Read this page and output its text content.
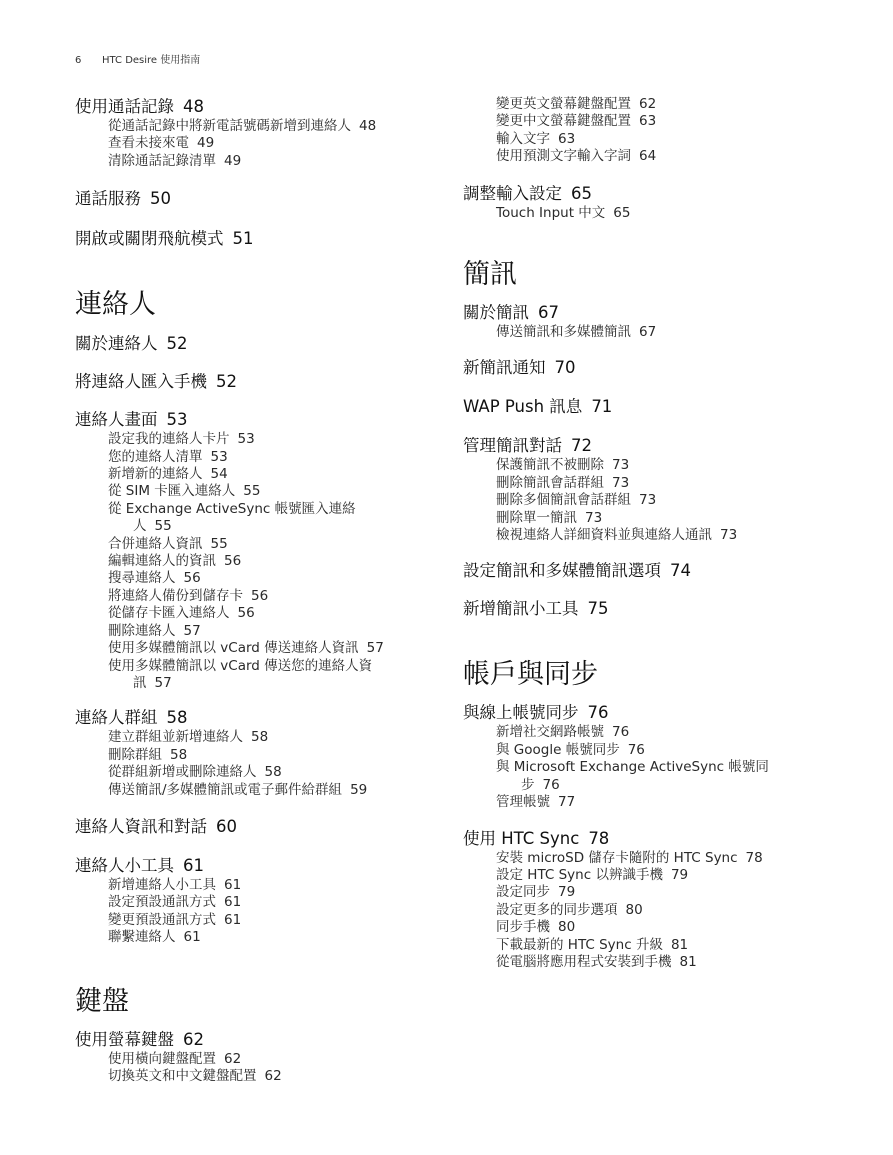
6 HTC Desire 使用指南
使用通話記錄 48
從通話記錄中將新電話號碼新增到連絡人 48
查看未接來電 49
清除通話記錄清單 49
通話服務 50
開啟或關閉飛航模式 51
連絡人
關於連絡人 52
將連絡人匯入手機 52
連絡人畫面 53
設定我的連絡人卡片 53
您的連絡人清單 53
新增新的連絡人 54
從 SIM 卡匯入連絡人 55
從 Exchange ActiveSync 帳號匯入連絡
人 55
合併連絡人資訊 55
編輯連絡人的資訊 56
搜尋連絡人 56
將連絡人備份到儲存卡 56
從儲存卡匯入連絡人 56
刪除連絡人 57
使用多媒體簡訊以 vCard 傳送連絡人資訊 57
使用多媒體簡訊以 vCard 傳送您的連絡人資
訊 57
連絡人群組 58
建立群組並新增連絡人 58
刪除群組 58
從群組新增或刪除連絡人 58
傳送簡訊/多媒體簡訊或電子郵件給群組 59
連絡人資訊和對話 60
連絡人小工具 61
新增連絡人小工具 61
設定預設通訊方式 61
變更預設通訊方式 61
聯繫連絡人 61
鍵盤
使用螢幕鍵盤 62
使用橫向鍵盤配置 62
切換英文和中文鍵盤配置 62
變更英文螢幕鍵盤配置 62
變更中文螢幕鍵盤配置 63
輸入文字 63
使用預測文字輸入字詞 64
調整輸入設定 65
Touch Input 中文 65
簡訊
關於簡訊 67
傳送簡訊和多媒體簡訊 67
新簡訊通知 70
WAP Push 訊息 71
管理簡訊對話 72
保護簡訊不被刪除 73
刪除簡訊會話群組 73
刪除多個簡訊會話群組 73
刪除單一簡訊 73
檢視連絡人詳細資料並與連絡人通訊 73
設定簡訊和多媒體簡訊選項 74
新增簡訊小工具 75
帳戶與同步
與線上帳號同步 76
新增社交網路帳號 76
與 Google 帳號同步 76
與 Microsoft Exchange ActiveSync 帳號同
步 76
管理帳號 77
使用 HTC Sync 78
安裝 microSD 儲存卡隨附的 HTC Sync 78
設定 HTC Sync 以辨識手機 79
設定同步 79
設定更多的同步選項 80
同步手機 80
下載最新的 HTC Sync 升級 81
從電腦將應用程式安裝到手機 81
